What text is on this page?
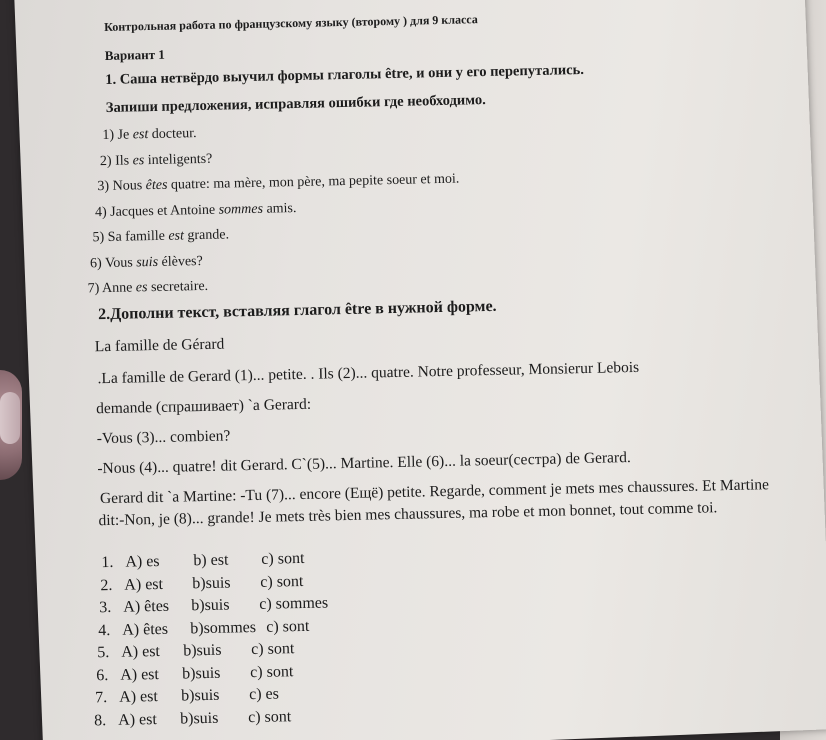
Контрольная работа по французскому языку (второму ) для 9 класса
Вариант 1
1. Саша нетвёрдо выучил формы глаголы être, и они у его перепутались.
Запиши предложения, исправляя ошибки где необходимо.
1) Je est docteur.
2) Ils es inteligents?
3) Nous êtes quatre: ma mère, mon père, ma pepite soeur et moi.
4) Jacques et Antoine sommes amis.
5) Sa famille est grande.
6) Vous suis élèves?
7) Anne es secretaire.
2.Дополни текст, вставляя глагол être в нужной форме.
La famille de Gérard
.La famille de Gerard (1)... petite. . Ils (2)... quatre. Notre professeur, Monsierur Lebois
demande (спрашивает) `a Gerard:
-Vous (3)... combien?
-Nous (4)... quatre! dit Gerard. C`(5)... Martine. Elle (6)... la soeur(сестра) de Gerard.
Gerard dit `a Martine: -Tu (7)... encore (Ещё) petite. Regarde, comment je mets mes chaussures. Et Martine
dit:-Non, je (8)... grande! Je mets très bien mes chaussures, ma robe et mon bonnet, tout comme toi.
1. A) es b) est c) sont
2. A) est b)suis c) sont
3. A) êtes b)suis c) sommes
4. A) êtes b)sommes c) sont
5. A) est b)suis c) sont
6. A) est b)suis c) sont
7. A) est b)suis c) es
8. A) est b)suis c) sont
